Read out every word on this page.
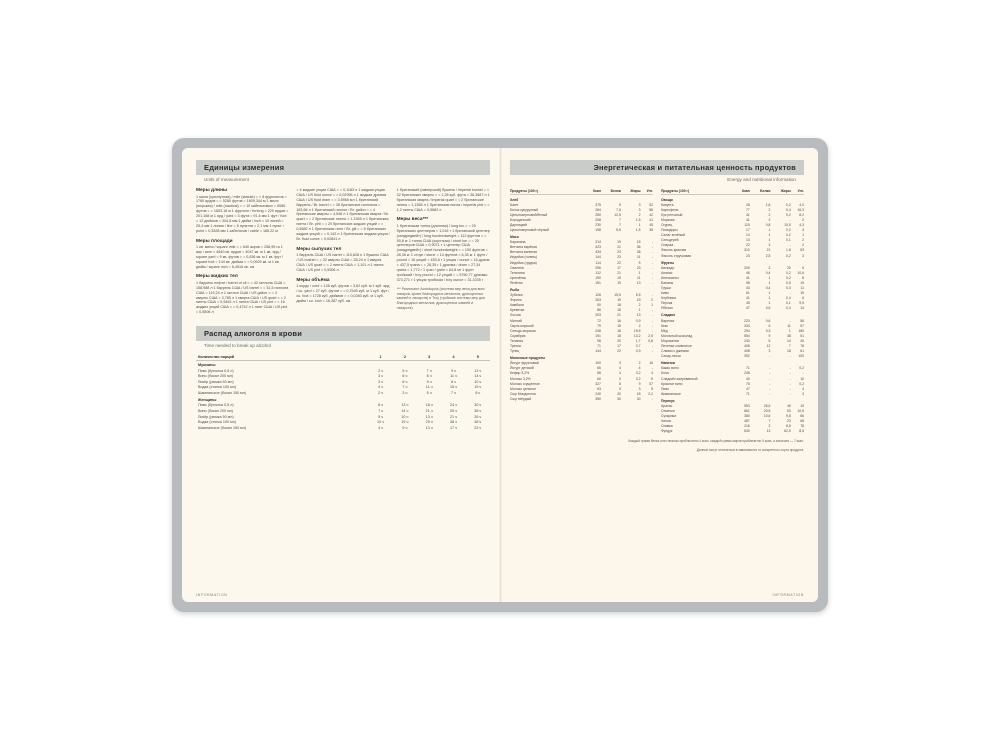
Единицы измерения
Units of measurement
Меры длины

1 миля (сухопутная) / mile (statute) = = 8 фурлонгов = 1760 ярдов = = 5280 футов = 1609,344 м 1 миля (морская) / mile (nautical) = = 10 кабельтовых = 6080 футов = = 1853,18 м 1 фурлонг / furlong = 220 ярдов = 201,168 м 1 ярд / yard = 3 фута = 91,4 мм 1 фут / foot = 12 дюймов = 304,8 мм 1 дюйм / inch = 10 линий = 25,4 мм 1 линия / line = 6 пунктов = 2,1 мм 1 пункт / point = 0,3528 мм 1 кабельтов / cable = 185,22 м

Меры площади

1 кв. миля / square mile = = 640 акров = 258,99 га 1 акр / acre = 4840 кв. ярдов = 4047 кв. м 1 кв. ярд / square yard = 9 кв. футов = = 0,836 кв. м 1 кв. фут / square foot = 144 кв. дюйма = = 0,0929 кв. м 1 кв. дюйм / square inch = 6,4516 кв. см

Меры жидких тел

1 баррель нефти / barrel of oil = = 42 галлона США = 158,988 л 1 баррель США / US barrel = = 31,5 галлона США = 119,24 л 1 галлон США / US gallon = = 4 кварты США = 3,785 л 1 кварта США / US quart = = 2 пинты США = 0,9463 л 1 пинта США / US pint = = 16 жидких унций США = = 0,4732 л 1 пинт США / US pint = 0,5506 л

= 4 жидкие унции США = = 0,1183 л 1 жидкая унция США / US fluid ounce = = 0,02956 л 1 жидкая драхма США / US fluid dram = = 3,6966 мл 1 британский баррель / Br. barrel = = 36 британских галлонов = 163,66 л 1 британский галлон / Br. gallon = = 4 британские кварты = 4,546 л 1 британская кварта / Br. quart = = 2 британские пинты = 1,1365 л 1 британская пинта / Br. pint = = 20 британских жидких унций = = 0,5682 л 1 британская гилл / Br. gill = = 5 британских жидких унций = = 0,142 л 1 британская жидкая унция / Br. fluid ounce = 0,02841 л

Меры сыпучих тел

1 баррель США / US barrel = 115,628 л 1 бушель США / US bushel = = 32 кварты США = 35,24 л 1 кварта США / US quart = = 2 пинты США = 1,101 л 1 пинта США / US pint = 0,5506 л

Меры объёма

1 кордс / cord = 128 куб. футов = 3,62 куб. м 1 куб. ярд / cu. yard = 27 куб. футов = = 0,7645 куб. м 1 куб. фут / cu. foot = 1728 куб. дюймов = = 0,0283 куб. м 1 куб. дюйм / cu. inch = 16,387 куб. см

1 британский (имперский) бушель / imperial bushel = = 32 британских кварты = = 1,28 куб. фута = 36,3687 л 1 британская кварта / imperial quart = = 2 британские пинты = 1,1365 л 1 британская пинта / imperial pint = = 1,2 пинты США = 0,5682 л

Меры веса***

1 британская тонна (длинная) / long ton = = 20 британских центнеров = 1,016 т 1 британский центнер (хандредвейт) / long hundredweight = 112 фунтов = = 50,8 кг 1 тонна США (короткая) / short ton = = 20 центнеров США = 0,9071 т 1 центнер США (хандредвейт) / short hundredweight = = 100 фунтов = 45,36 кг 1 стоун / stone = 14 фунтов = 6,35 кг 1 фунт / pound = 16 унций = 453,6 г 1 унция / ounce = 16 драхм = 437,5 грана = = 28,35 г 1 драхма / dram = 27,34 грана = 1,772 г 1 гран / grain = 64,8 мг 1 фунт тройский / troy pound = 12 унций = = 5760,77 драхмы: 373,271 г 1 унция тройская / troy ounce = 31,1035 г

*** Различают Avoirdupois (система мер веса для всех товаров, кроме благородных металлов, драгоценных камней и лекарств) и Troy (тройские системы мер для благородных металлов, драгоценных камней и лекарств).
Распад алкоголя в крови
Time needed to break up alcohol
Количество порций	1	2	3	4	5
Мужчины					
Пиво (бутылка 0,5 л)	2 ч	5 ч	7 ч	9 ч	12 ч
Вино (бокал 200 мл)	3 ч	6 ч	8 ч	11 ч	14 ч
Ликёр (рюмка 50 мл)	3 ч	6 ч	9 ч	8 ч	10 ч
Водка (стопка 100 мл)	4 ч	7 ч	11 ч	15 ч	19 ч
Шампанское (бокал 150 мл)	2 ч	3 ч	5 ч	7 ч	8 ч
Женщины					
Пиво (бутылка 0,5 л)	6 ч	13 ч	18 ч	24 ч	30 ч
Вино (бокал 200 мл)	7 ч	14 ч	21 ч	29 ч	36 ч
Ликёр (рюмка 50 мл)	5 ч	10 ч	13 ч	21 ч	26 ч
Водка (стопка 100 мл)	10 ч	19 ч	29 ч	38 ч	48 ч
Шампанское (бокал 150 мл)	4 ч	9 ч	13 ч	17 ч	22 ч
INFORMATION
Энергетическая и питательная ценность продуктов
Energy and nutritional information
Продукты (100 г)	Ккал	Белки	Жиры	Угл.
Хлеб				
Багет	375	9	3	52
Белок кукурузный	284	7,5	3	58
Цельнозерновой/белый	250	12,5	2	42
Бородинский	208	7	1,5	41
Дарницкий	230	7	1	45
Цельнозерновой чёрный	198	5,5	1,5	35
Мясо				
Баранина	214	19	15	-
Ветчина варёная	423	21	36	-
Ветчина вяленая	434	23	36	-
Индейка (голень)	144	23	11	-
Индейка (грудка)	114	22	5	-
Свинина	296	17	23	-
Телятина	112	21	1	-
Цыплёнок	190	19	11	-
Ягнёнок	191	19	13	-
Рыба				
Зубатка	126	15,5	5,5	-
Форель	263	19	19	2
Камбала	90	18	2	1
Креветки	86	18	1	-
Лосось	203	21	13	-
Минтай	72	16	0,9	-
Окунь морской	79	15	2	-
Сельдь морская	248	18	19,5	-
Скумбрия	191	18	13,2	2,5
Телапия	98	20	1,7	0,8
Треска	71	17	0,7	-
Тунец	144	22	4,9	-
Молочные продукты				
Йогурт фруктовый	100	3	2	16
Йогурт детский	66	4	4	-
Кефир 3,2%	58	3	3,2	4
Молоко 3,2%	60	3	3,2	5
Молоко сгущённое	327	8	9	57
Молоко цельное	63	3	3	5
Сыр Моцарелла	240	20	18	2,2
Сыр твёрдый	350	30	30	-
Продукты (100 г)	Ккал	Белки	Жиры	Угл.
Овощи				
Капуста	28	1,8	0,2	4,0
Картофель	77	2	0,4	16,3
Лук репчатый	41	2	0,2	8,2
Морковь	41	2	-	2
Огурец	115	0,8	10,5	4,3
Помидоры	17	1	0,2	3
Салат зелёный	14	1	0,2	1
Сельдерей	13	1	0,1	2
Спаржа	22	3	-	2
Фасоль красная	310	21	1,8	53
Фасоль стручковая	23	2,5	0,2	3
Фрукты				
Авокадо	200	2	20	6
Ананас	46	0,4	0,2	10,6
Апельсины	41	1	0,2	8
Бананы	98	1	0,5	19
Груши	43	0,4	0,3	11
Киви	61	1	-	15
Клубника	41	1	0,4	6
Персик	45	1	0,1	9,5
Яблоки	47	0,5	0,4	14
Сладкое				
Варенье	223	0,6	-	56
Кекс	334	6	11	57
Мёд	294	0,3	1	180
Молочный шоколад	554	9	38	51
Мороженое	240	5	14	26
Печенье сливочное	406	12	7	78
Сливки с джемом	408	3	18	61
Сахар-песок	392	-	-	100
Напитки				
Какао вино	71	-	-	0,2
Кола	248	-	-	-
Сладкий газированный	40	-	-	10
Красное вино	75	-	-	0,2
Пиво	47	-	-	4
Шампанское	71	-	-	3
Перекус				
Арахис	553	26,5	45	10
Семечки	861	20,5	53	10,5
Сухарики	380	10,6	9,8	66
Чипсы	487	7	23	68
Оливки	218	2	8,5	78
Фундук	630	13	62,5	8,5
Каждый грамм белка или глюкозы приблизитно 4 ккал, каждый грамм жиров приблизитно 9 ккал, а алкоголя — 7 ккал.
Данные могут отличаться в зависимости от конкретного сорта продукта.
INFORMATION
